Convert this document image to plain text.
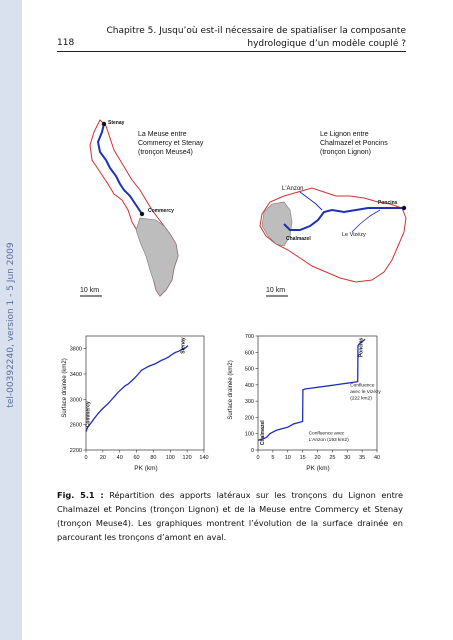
tel-00392240, version 1 - 5 Jun 2009
Chapitre 5. Jusqu’où est-il nécessaire de spatialiser la composante hydrologique d’un modèle couplé ?
118
Stenay
Commercy
La Meuse entre Commercy et Stenay (tronçon Meuse4)
10 km
L'Anzon
Poncins
Chalmazel
Le Vizézy
Le Lignon entre Chalmazel et Poncins (tronçon Lignon)
10 km
Surface drainée (km2)
PK (km)
0 20 40 60 80 100 120 140
2200
2600
3000
3400
3800
Commercy
Stenay
Surface drainée (km2)
PK (km)
0 5 10 15 20 25 30 35 40
0
100
200
300
400
500
600
700
Chalmazel
Poncins
Confluence avec
L'Anzon (193 km2)
Confluence
avec le Vizézy
(222 km2)
Fig. 5.1 : Répartition des apports latéraux sur les tronçons du Lignon entre Chalmazel et Poncins (tronçon Lignon) et de la Meuse entre Commercy et Stenay (tronçon Meuse4). Les graphiques montrent l’évolution de la surface drainée en parcourant les tronçons d’amont en aval.
